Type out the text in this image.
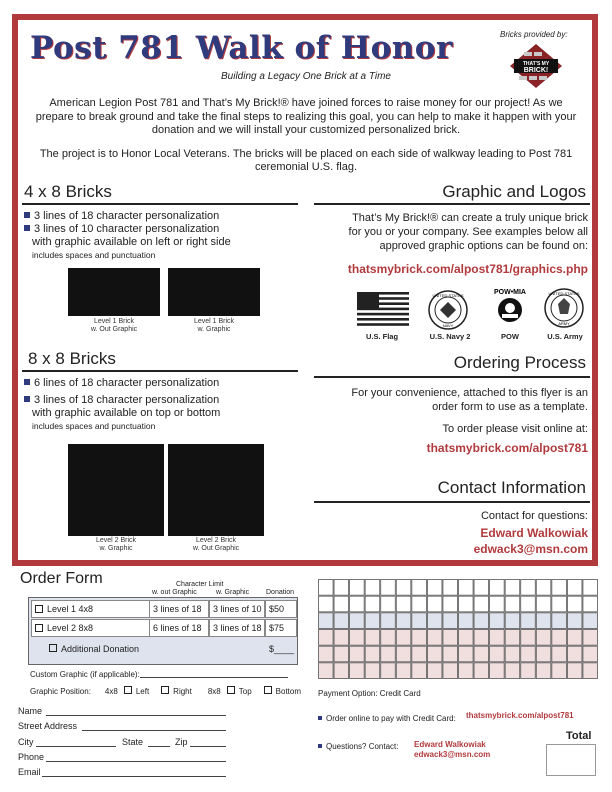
Post 781 Walk of Honor
Building a Legacy One Brick at a Time
Bricks provided by:
THAT'S MY
BRICK!

American Legion Post 781 and That’s My Brick!® have joined forces to raise money for our project! As we prepare to break ground and take the final steps to realizing this goal, you can help to make it happen with your donation and we will install your customized personalized brick.

The project is to Honor Local Veterans. The bricks will be placed on each side of walkway leading to Post 781 ceremonial U.S. flag.

4 x 8 Bricks
3 lines of 18 character personalization
3 lines of 10 character personalization
with graphic available on left or right side
includes spaces and punctuation
Level 1 Brick
w. Out Graphic
Level 1 Brick
w. Graphic
8 x 8 Bricks
6 lines of 18 character personalization
3 lines of 18 character personalization
with graphic available on top or bottom
includes spaces and punctuation
Level 2 Brick
w. Graphic
Level 2 Brick
w. Out Graphic
Graphic and Logos
That’s My Brick!® can create a truly unique brick
for you or your company. See examples below all
approved graphic options can be found on:
thatsmybrick.com/alpost781/graphics.php
UNITED STATES
NAVY
POW•MIA	UNITED STATES
ARMY
U.S. Flag	U.S. Navy 2	POW	U.S. Army
Ordering Process
For your convenience, attached to this flyer is an
order form to use as a template.
To order please visit online at:
thatsmybrick.com/alpost781
Contact Information
Contact for questions:
Edward Walkowiak
edwack3@msn.com
Order Form	Character Limit
w. out Graphic	w. Graphic Donation
Level 1 4x8	3 lines of 18	3 lines of 10 $50
Level 2 8x8	6 lines of 18	3 lines of 18 $75
Additional Donation	$____
Custom Graphic (if applicable):
Graphic Position: 4x8	Left	Right 8x8	Top	Bottom
Name
Street Address
City	State	Zip
Phone
Email
Payment Option: Credit Card
Order online to pay with Credit Card: thatsmybrick.com/alpost781
Questions? Contact: Edward Walkowiak
edwack3@msn.com
Total
